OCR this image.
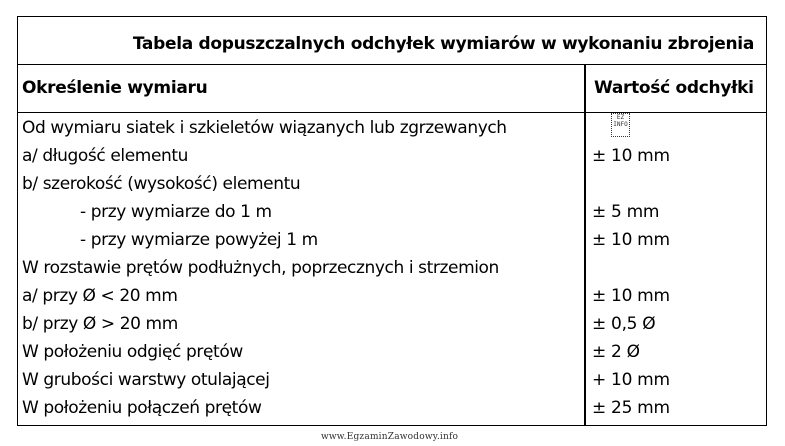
Tabela dopuszczalnych odchyłek wymiarów w wykonaniu zbrojenia
Określenie wymiaru	Wartość odchyłki
EZ
INFO
Od wymiaru siatek i szkieletów wiązanych lub zgrzewanych
a/ długość elementu	± 10 mm
b/ szerokość (wysokość) elementu
- przy wymiarze do 1 m	± 5 mm
- przy wymiarze powyżej 1 m	± 10 mm
W rozstawie prętów podłużnych, poprzecznych i strzemion
a/ przy Ø < 20 mm	± 10 mm
b/ przy Ø > 20 mm	± 0,5 Ø
W położeniu odgięć prętów	± 2 Ø
W grubości warstwy otulającej	+ 10 mm
W położeniu połączeń prętów	± 25 mm
www.EgzaminZawodowy.info
